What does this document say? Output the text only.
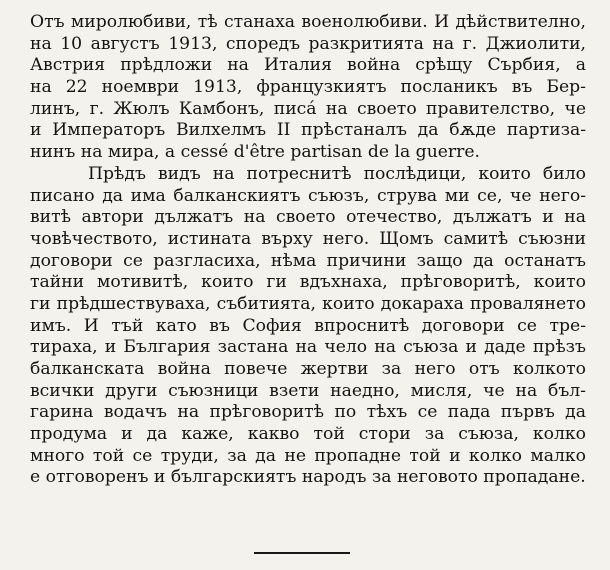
Отъ миролюбиви, тѣ станаха военолюбиви. И дѣйствително,
на 10 августъ 1913, споредъ разкритията на г. Джиолити,
Австрия прѣдложи на Италия война срѣщу Сърбия, а
на 22 ноември 1913, французкиятъ посланикъ въ Бер-
линъ, г. Жюлъ Камбонъ, писá на своето правителство, че
и Императоръ Вилхелмъ II прѣстаналъ да бѫде партиза-
нинъ на мира, а cessé d'être partisan de la guerre.
Прѣдъ видъ на потреснитѣ послѣдици, които било
писано да има балканскиятъ съюзъ, струва ми се, че него-
витѣ автори дължатъ на своето отечество, дължатъ и на
човѣчеството, истината върху него. Щомъ самитѣ съюзни
договори се разгласиха, нѣма причини защо да останатъ
тайни мотивитѣ, които ги вдъхнаха, прѣговоритѣ, които
ги прѣдшествуваха, събитията, които докараха провалянето
имъ. И тъй като въ София впроснитѣ договори се тре-
тираха, и България застана на чело на съюза и даде прѣзъ
балканската война повече жертви за него отъ колкото
всички други съюзници взети наедно, мисля, че на бъл-
гарина водачъ на прѣговоритѣ по тѣхъ се пада първъ да
продума и да каже, какво той стори за съюза, колко
много той се труди, за да не пропадне той и колко малко
е отговоренъ и българскиятъ народъ за неговото пропадане.
